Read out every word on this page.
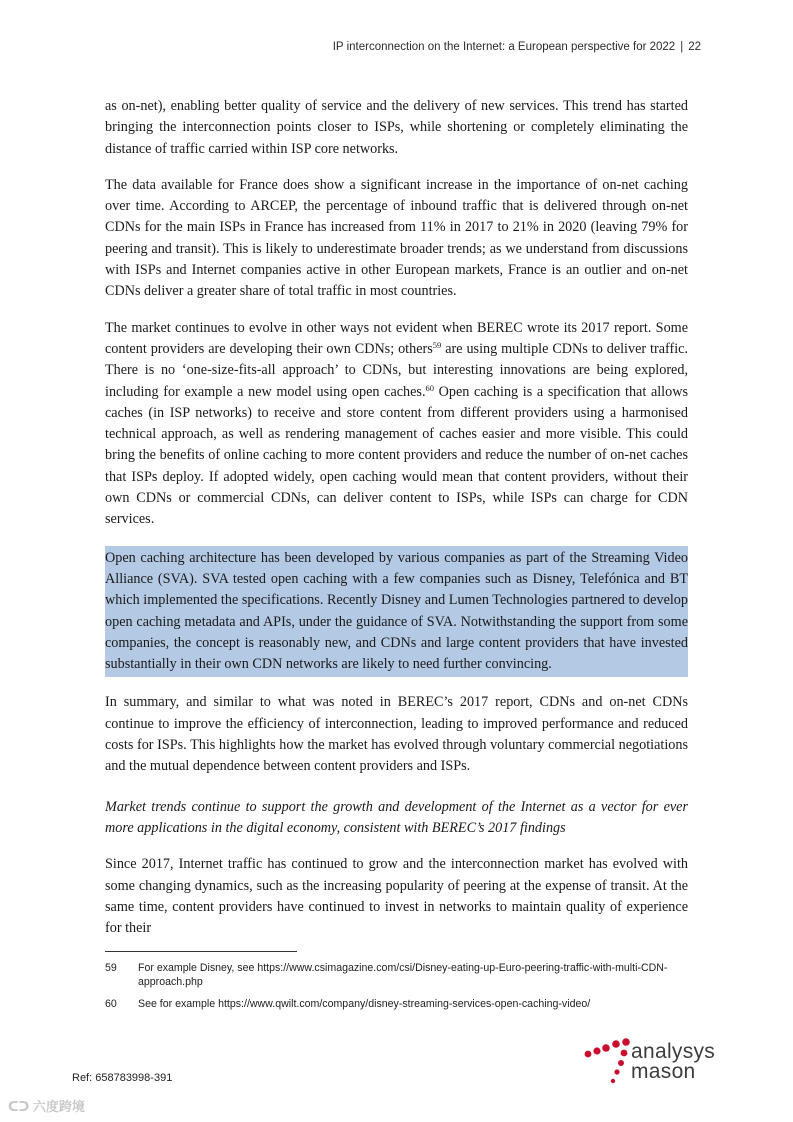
IP interconnection on the Internet: a European perspective for 2022 | 22

as on-net), enabling better quality of service and the delivery of new services. This trend has started bringing the interconnection points closer to ISPs, while shortening or completely eliminating the distance of traffic carried within ISP core networks.

The data available for France does show a significant increase in the importance of on-net caching over time. According to ARCEP, the percentage of inbound traffic that is delivered through on-net CDNs for the main ISPs in France has increased from 11% in 2017 to 21% in 2020 (leaving 79% for peering and transit). This is likely to underestimate broader trends; as we understand from discussions with ISPs and Internet companies active in other European markets, France is an outlier and on-net CDNs deliver a greater share of total traffic in most countries.

The market continues to evolve in other ways not evident when BEREC wrote its 2017 report. Some content providers are developing their own CDNs; others$^{59}$ are using multiple CDNs to deliver traffic. There is no ‘one-size-fits-all approach’ to CDNs, but interesting innovations are being explored, including for example a new model using open caches.$^{60}$ Open caching is a specification that allows caches (in ISP networks) to receive and store content from different providers using a harmonised technical approach, as well as rendering management of caches easier and more visible. This could bring the benefits of online caching to more content providers and reduce the number of on-net caches that ISPs deploy. If adopted widely, open caching would mean that content providers, without their own CDNs or commercial CDNs, can deliver content to ISPs, while ISPs can charge for CDN services.

Open caching architecture has been developed by various companies as part of the Streaming Video Alliance (SVA). SVA tested open caching with a few companies such as Disney, Telefónica and BT which implemented the specifications. Recently Disney and Lumen Technologies partnered to develop open caching metadata and APIs, under the guidance of SVA. Notwithstanding the support from some companies, the concept is reasonably new, and CDNs and large content providers that have invested substantially in their own CDN networks are likely to need further convincing.

In summary, and similar to what was noted in BEREC’s 2017 report, CDNs and on-net CDNs continue to improve the efficiency of interconnection, leading to improved performance and reduced costs for ISPs. This highlights how the market has evolved through voluntary commercial negotiations and the mutual dependence between content providers and ISPs.

Market trends continue to support the growth and development of the Internet as a vector for ever more applications in the digital economy, consistent with BEREC’s 2017 findings

Since 2017, Internet traffic has continued to grow and the interconnection market has evolved with some changing dynamics, such as the increasing popularity of peering at the expense of transit. At the same time, content providers have continued to invest in networks to maintain quality of experience for their

59	For example Disney, see https://www.csimagazine.com/csi/Disney-eating-up-Euro-peering-traffic-with-multi-CDN-approach.php
60	See for example https://www.qwilt.com/company/disney-streaming-services-open-caching-video/
Ref: 658783998-391
analysys
mason
ᑕᑐ 六度跨境
